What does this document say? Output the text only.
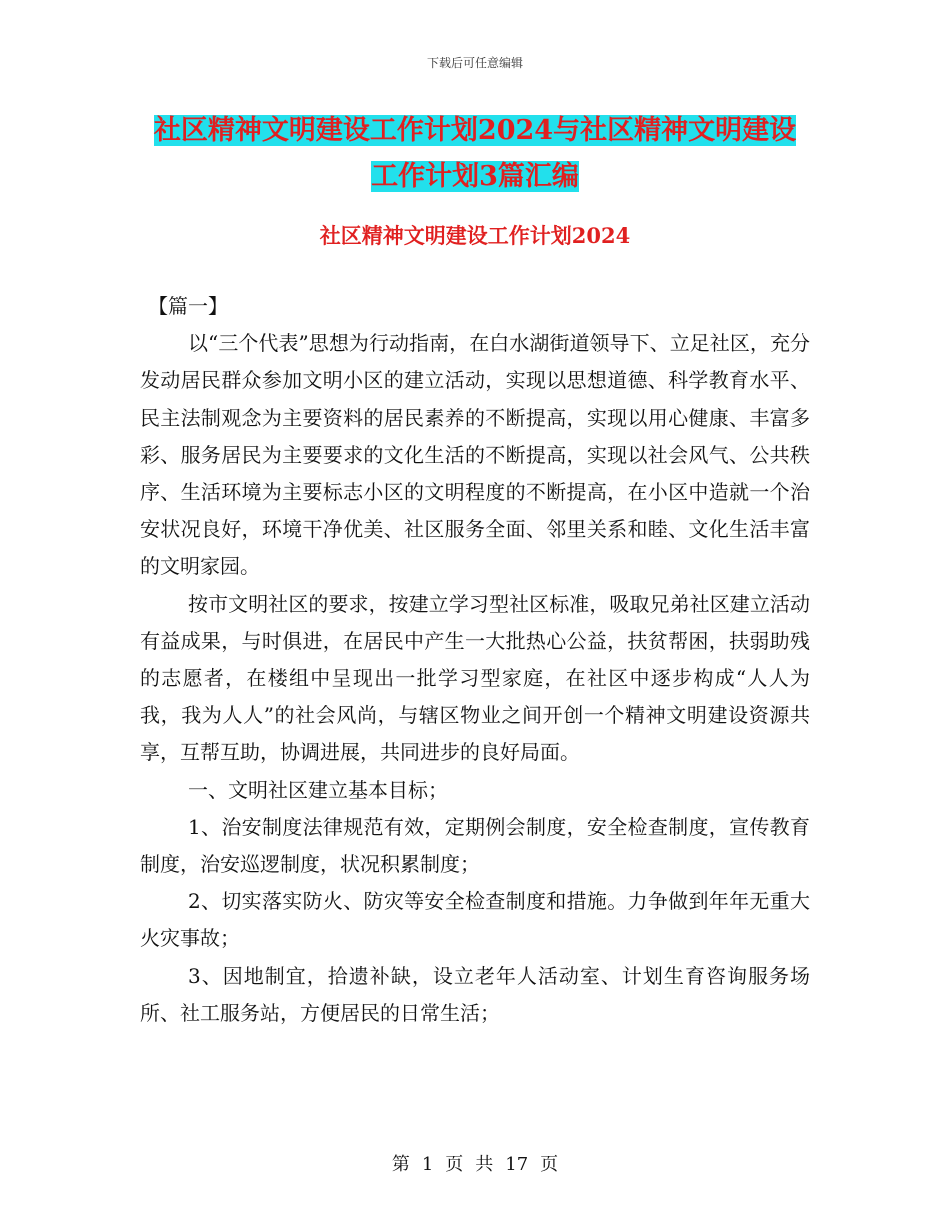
下载后可任意编辑
社区精神文明建设工作计划2024与社区精神文明建设
工作计划3篇汇编
社区精神文明建设工作计划2024

【篇一】

以“三个代表”思想为行动指南，在白水湖街道领导下、立足社区，充分发动居民群众参加文明小区的建立活动，实现以思想道德、科学教育水平、民主法制观念为主要资料的居民素养的不断提高，实现以用心健康、丰富多彩、服务居民为主要要求的文化生活的不断提高，实现以社会风气、公共秩序、生活环境为主要标志小区的文明程度的不断提高，在小区中造就一个治安状况良好，环境干净优美、社区服务全面、邻里关系和睦、文化生活丰富的文明家园。

按市文明社区的要求，按建立学习型社区标准，吸取兄弟社区建立活动有益成果，与时俱进，在居民中产生一大批热心公益，扶贫帮困，扶弱助残的志愿者，在楼组中呈现出一批学习型家庭，在社区中逐步构成“人人为我，我为人人”的社会风尚，与辖区物业之间开创一个精神文明建设资源共享，互帮互助，协调进展，共同进步的良好局面。

一、文明社区建立基本目标；

1、治安制度法律规范有效，定期例会制度，安全检查制度，宣传教育制度，治安巡逻制度，状况积累制度；

2、切实落实防火、防灾等安全检查制度和措施。力争做到年年无重大火灾事故；

3、因地制宜，拾遗补缺，设立老年人活动室、计划生育咨询服务场所、社工服务站，方便居民的日常生活；

第 1 页 共 17 页
